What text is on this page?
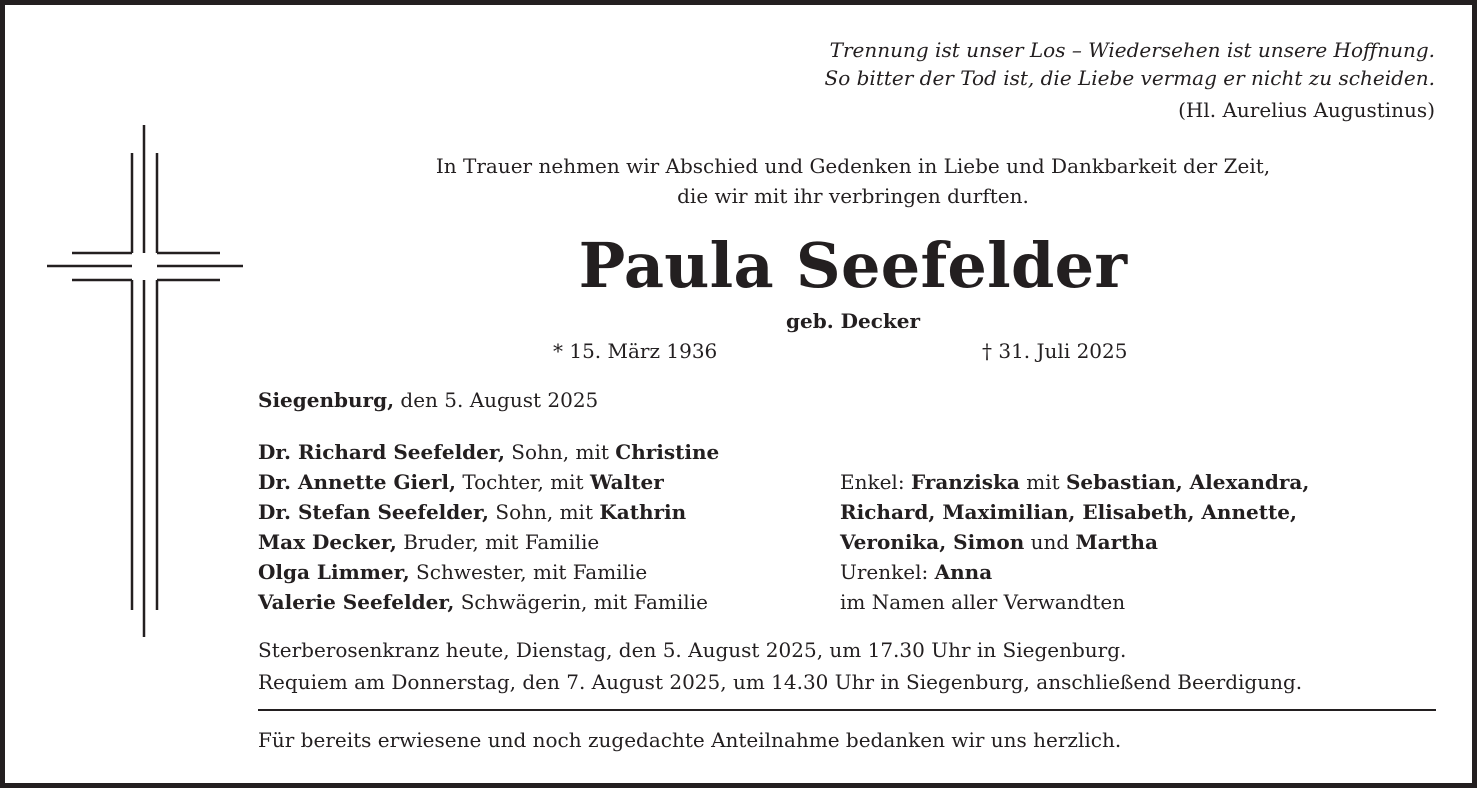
Trennung ist unser Los – Wiedersehen ist unsere Hoffnung.
So bitter der Tod ist, die Liebe vermag er nicht zu scheiden.
(Hl. Aurelius Augustinus)
In Trauer nehmen wir Abschied und Gedenken in Liebe und Dankbarkeit der Zeit,
die wir mit ihr verbringen durften.
Paula Seefelder
geb. Decker
* 15. März 1936	† 31. Juli 2025
Siegenburg, den 5. August 2025
Dr. Richard Seefelder, Sohn, mit Christine
Dr. Annette Gierl, Tochter, mit Walter
Dr. Stefan Seefelder, Sohn, mit Kathrin
Max Decker, Bruder, mit Familie
Olga Limmer, Schwester, mit Familie
Valerie Seefelder, Schwägerin, mit Familie
Enkel: Franziska mit Sebastian, Alexandra,
Richard, Maximilian, Elisabeth, Annette,
Veronika, Simon und Martha
Urenkel: Anna
im Namen aller Verwandten
Sterberosenkranz heute, Dienstag, den 5. August 2025, um 17.30 Uhr in Siegenburg.
Requiem am Donnerstag, den 7. August 2025, um 14.30 Uhr in Siegenburg, anschließend Beerdigung.
Für bereits erwiesene und noch zugedachte Anteilnahme bedanken wir uns herzlich.
